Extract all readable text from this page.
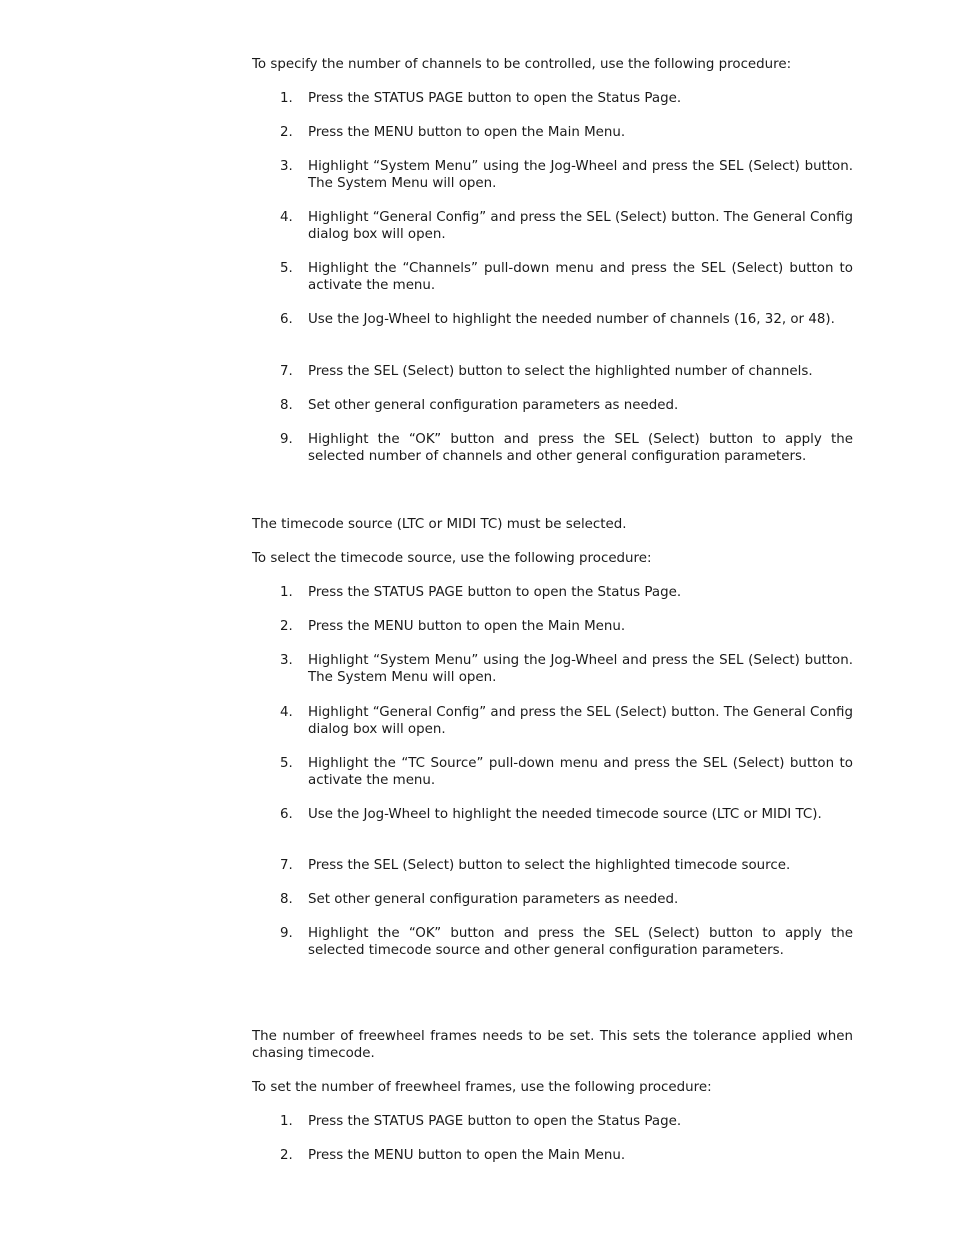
To specify the number of channels to be controlled, use the following procedure:

1. Press the STATUS PAGE button to open the Status Page.
2. Press the MENU button to open the Main Menu.
3. Highlight “System Menu” using the Jog-Wheel and press the SEL (Select) button. The System Menu will open.
4. Highlight “General Config” and press the SEL (Select) button. The General Config dialog box will open.
5. Highlight the “Channels” pull-down menu and press the SEL (Select) button to activate the menu.
6. Use the Jog-Wheel to highlight the needed number of channels (16, 32, or 48).
7. Press the SEL (Select) button to select the highlighted number of channels.
8. Set other general configuration parameters as needed.
9. Highlight the “OK” button and press the SEL (Select) button to apply the selected number of channels and other general configuration parameters.

The timecode source (LTC or MIDI TC) must be selected.

To select the timecode source, use the following procedure:

1. Press the STATUS PAGE button to open the Status Page.
2. Press the MENU button to open the Main Menu.
3. Highlight “System Menu” using the Jog-Wheel and press the SEL (Select) button. The System Menu will open.
4. Highlight “General Config” and press the SEL (Select) button. The General Config dialog box will open.
5. Highlight the “TC Source” pull-down menu and press the SEL (Select) button to activate the menu.
6. Use the Jog-Wheel to highlight the needed timecode source (LTC or MIDI TC).
7. Press the SEL (Select) button to select the highlighted timecode source.
8. Set other general configuration parameters as needed.
9. Highlight the “OK” button and press the SEL (Select) button to apply the selected timecode source and other general configuration parameters.

The number of freewheel frames needs to be set. This sets the tolerance applied when chasing timecode.

To set the number of freewheel frames, use the following procedure:

1. Press the STATUS PAGE button to open the Status Page.
2. Press the MENU button to open the Main Menu.
